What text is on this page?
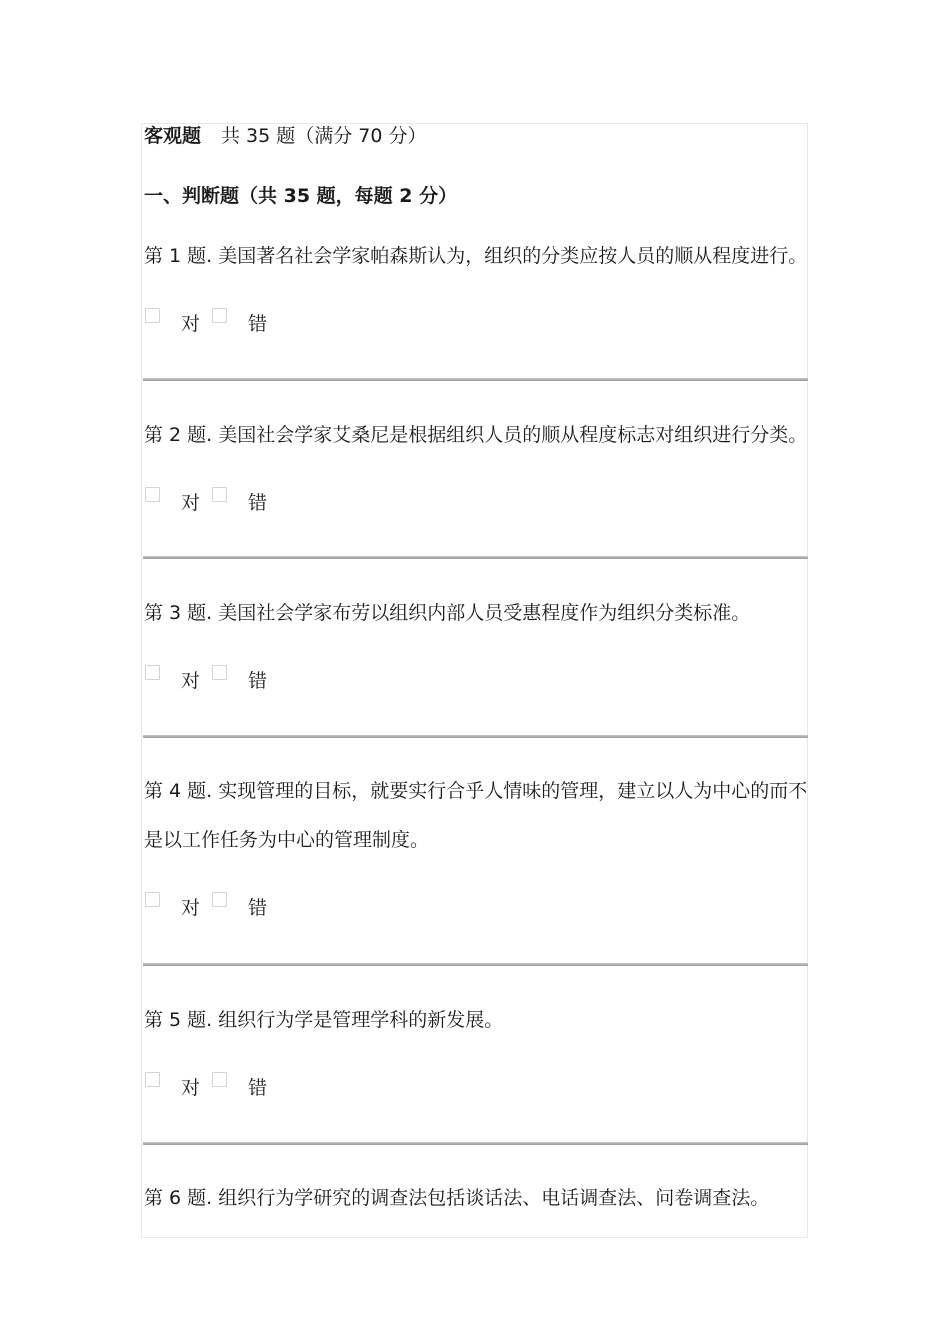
客观题 共 35 题（满分 70 分）
一、判断题（共 35 题，每题 2 分）
第 1 题. 美国著名社会学家帕森斯认为，组织的分类应按人员的顺从程度进行。
对	错
第 2 题. 美国社会学家艾桑尼是根据组织人员的顺从程度标志对组织进行分类。
对	错
第 3 题. 美国社会学家布劳以组织内部人员受惠程度作为组织分类标准。
对	错
第 4 题. 实现管理的目标，就要实行合乎人情味的管理，建立以人为中心的而不是以工作任务为中心的管理制度。
对	错
第 5 题. 组织行为学是管理学科的新发展。
对	错
第 6 题. 组织行为学研究的调查法包括谈话法、电话调查法、问卷调查法。
